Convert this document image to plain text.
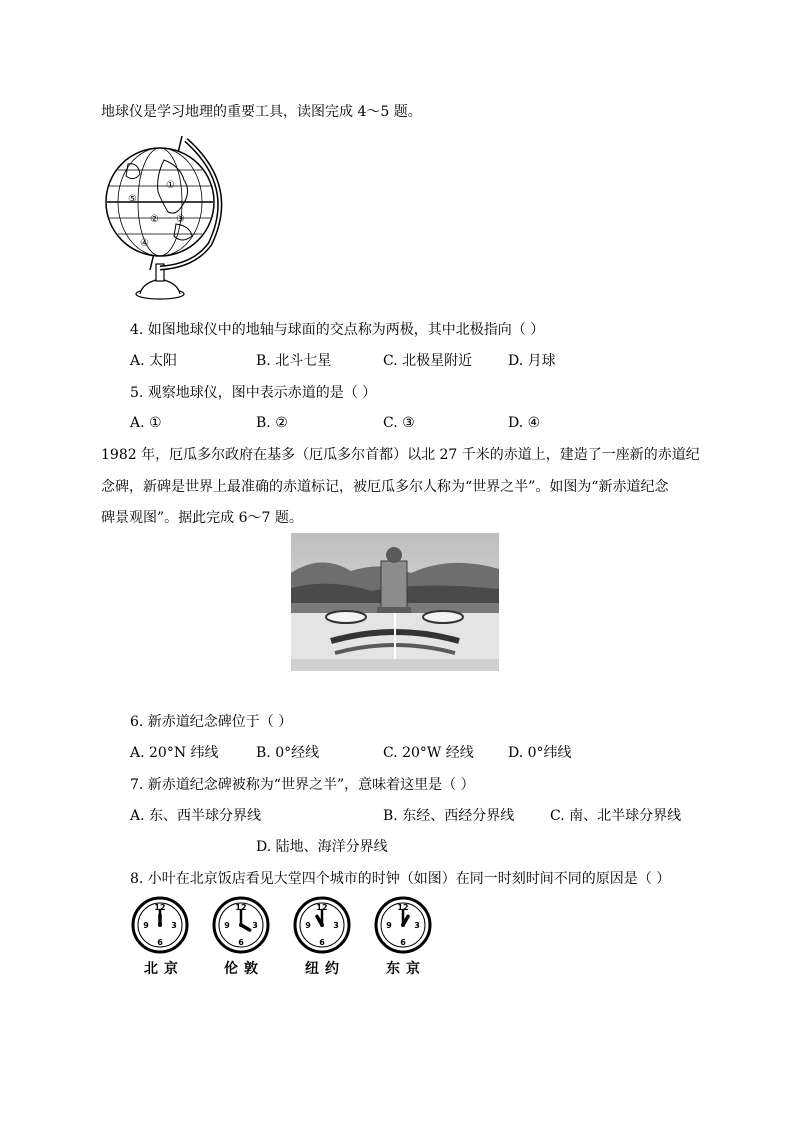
地球仪是学习地理的重要工具，读图完成 4～5 题。
①
② ③
④
⑤
4. 如图地球仪中的地轴与球面的交点称为两极，其中北极指向（ ）
A. 太阳	B. 北斗七星	C. 北极星附近	D. 月球
5. 观察地球仪，图中表示赤道的是（ ）
A. ①	B. ②	C. ③	D. ④
1982 年，厄瓜多尔政府在基多（厄瓜多尔首都）以北 27 千米的赤道上，建造了一座新的赤道纪
念碑，新碑是世界上最准确的赤道标记，被厄瓜多尔人称为“世界之半”。如图为“新赤道纪念
碑景观图”。据此完成 6～7 题。
6. 新赤道纪念碑位于（ ）
A. 20°N 纬线	B. 0°经线	C. 20°W 经线 D. 0°纬线
7. 新赤道纪念碑被称为“世界之半”，意味着这里是（ ）
A. 东、西半球分界线	B. 东经、西经分界线	C. 南、北半球分界线
D. 陆地、海洋分界线
8. 小叶在北京饭店看见大堂四个城市的时钟（如图）在同一时刻时间不同的原因是（ ）
12
3
6
9
12
3
6
9
12
3
6
9
12
3
6
9
北京	伦敦	纽约	东京
